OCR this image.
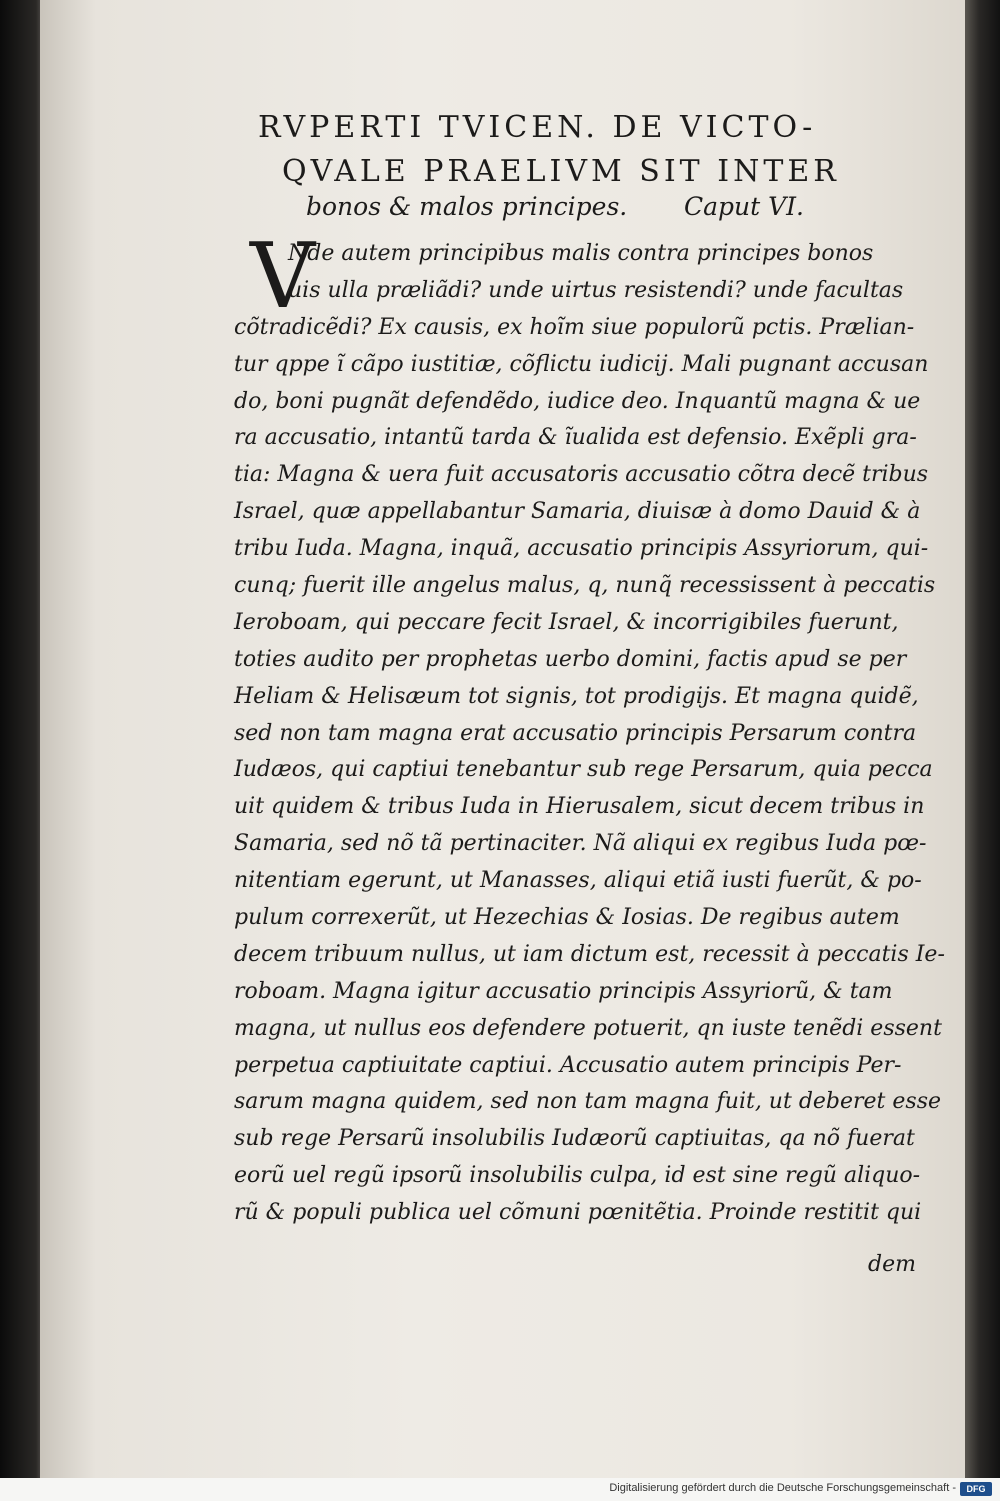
RVPERTI TVICEN. DE VICTO-
QVALE PRAELIVM SIT INTER
bonos & malos principes. Caput VI.
V
Nde autem principibus malis contra principes bonos
uis ulla præliãdi? unde uirtus resistendi? unde facultas
cõtradicẽdi? Ex causis, ex hoĩm siue populorũ pctis. Prælian-
tur qppe ĩ cãpo iustitiæ, cõflictu iudicij. Mali pugnant accusan
do, boni pugnãt defendẽdo, iudice deo. Inquantũ magna & ue
ra accusatio, intantũ tarda & ĩualida est defensio. Exẽpli gra-
tia: Magna & uera fuit accusatoris accusatio cõtra decẽ tribus
Israel, quæ appellabantur Samaria, diuisæ à domo Dauid & à
tribu Iuda. Magna, inquã, accusatio principis Assyriorum, qui-
cunq; fuerit ille angelus malus, q, nunq̃ recessissent à peccatis
Ieroboam, qui peccare fecit Israel, & incorrigibiles fuerunt,
toties audito per prophetas uerbo domini, factis apud se per
Heliam & Helisæum tot signis, tot prodigijs. Et magna quidẽ,
sed non tam magna erat accusatio principis Persarum contra
Iudæos, qui captiui tenebantur sub rege Persarum, quia pecca
uit quidem & tribus Iuda in Hierusalem, sicut decem tribus in
Samaria, sed nõ tã pertinaciter. Nã aliqui ex regibus Iuda pœ-
nitentiam egerunt, ut Manasses, aliqui etiã iusti fuerũt, & po-
pulum correxerũt, ut Hezechias & Iosias. De regibus autem
decem tribuum nullus, ut iam dictum est, recessit à peccatis Ie-
roboam. Magna igitur accusatio principis Assyriorũ, & tam
magna, ut nullus eos defendere potuerit, qn iuste tenẽdi essent
perpetua captiuitate captiui. Accusatio autem principis Per-
sarum magna quidem, sed non tam magna fuit, ut deberet esse
sub rege Persarũ insolubilis Iudæorũ captiuitas, qa nõ fuerat
eorũ uel regũ ipsorũ insolubilis culpa, id est sine regũ aliquo-
rũ & populi publica uel cõmuni pœnitẽtia. Proinde restitit qui
dem
Digitalisierung gefördert durch die Deutsche Forschungsgemeinschaft -	DFG
